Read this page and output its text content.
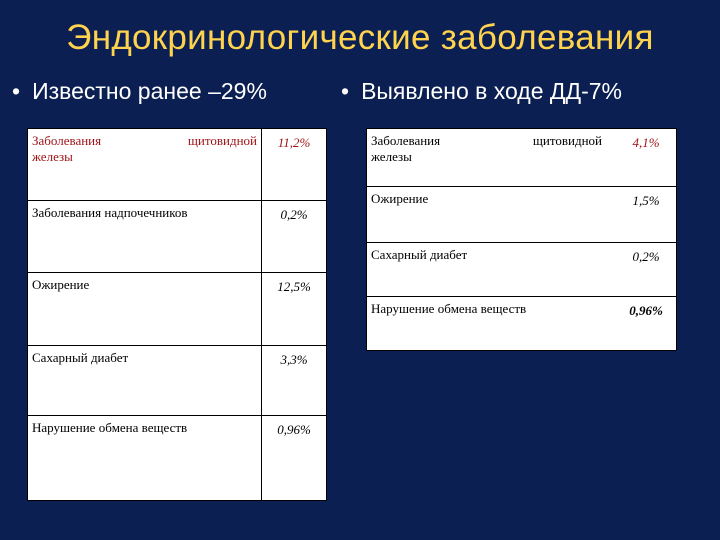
Эндокринологические заболевания
• Известно ранее –29%	• Выявлено в ходе ДД-7%
Заболевания щитовидной
железы	11,2%
Заболевания надпочечников	0,2%
Ожирение	12,5%
Сахарный диабет	3,3%
Нарушение обмена веществ	0,96%
Заболевания щитовидной
железы	4,1%
Ожирение	1,5%
Сахарный диабет	0,2%
Нарушение обмена веществ	0,96%
